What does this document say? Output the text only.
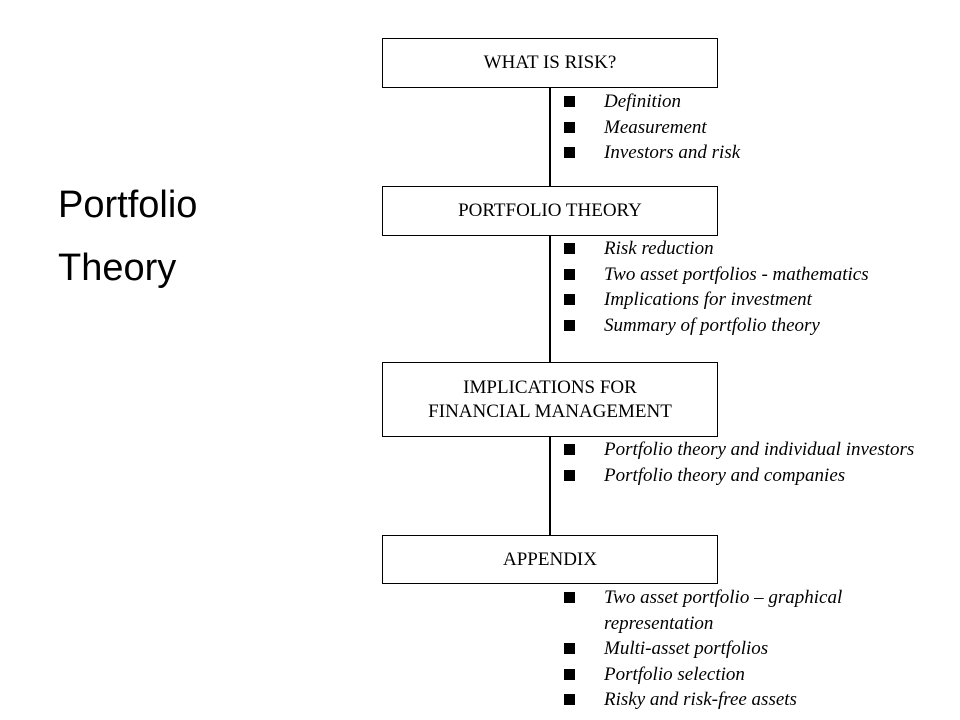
Portfolio
Theory
WHAT IS RISK?
Definition
Measurement
Investors and risk
PORTFOLIO THEORY
Risk reduction
Two asset portfolios - mathematics
Implications for investment
Summary of portfolio theory
IMPLICATIONS FOR
FINANCIAL MANAGEMENT
Portfolio theory and individual investors
Portfolio theory and companies
APPENDIX
Two asset portfolio – graphical
representation
Multi-asset portfolios
Portfolio selection
Risky and risk-free assets
